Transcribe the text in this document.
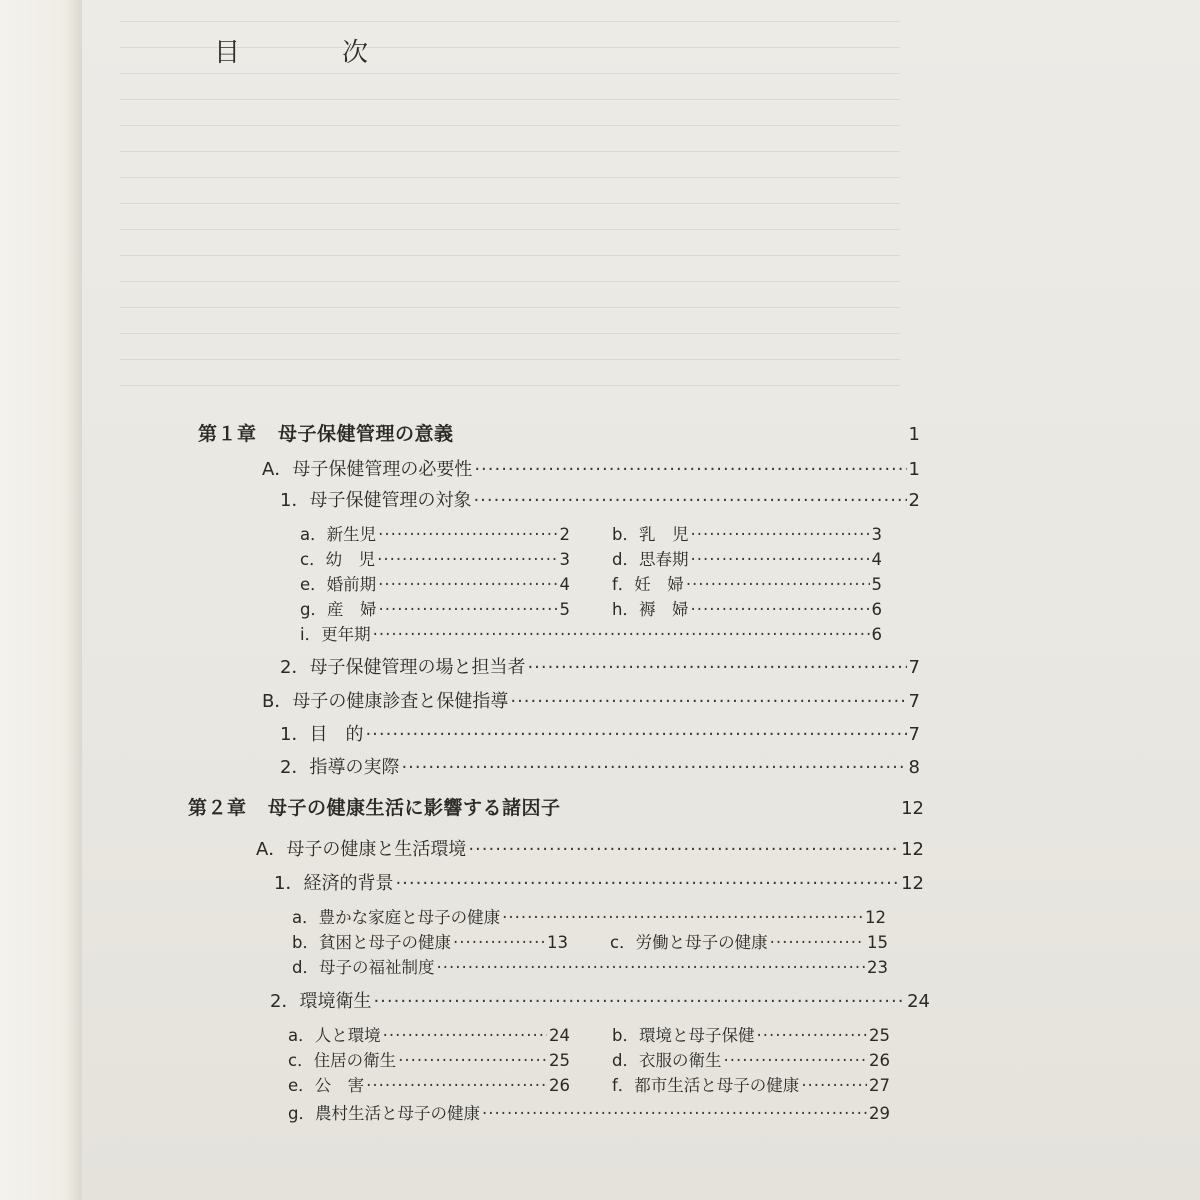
目　次
第１章 母子保健管理の意義	1
A．母子保健管理の必要性 ·····	1
1．母子保健管理の対象 ·····	2
a．新生児 ·····	2	b．乳　児 ·····	3
c．幼　児 ·····	3	d．思春期 ·····	4
e．婚前期 ·····	4	f．妊　婦 ·····	5
g．産　婦 ·····	5	h．褥　婦 ·····	6
i．更年期 ·····	6
2．母子保健管理の場と担当者 ·····	7
B．母子の健康診査と保健指導 ·····	7
1．目　的 ·····	7
2．指導の実際 ·····	8
第２章 母子の健康生活に影響する諸因子	12
A．母子の健康と生活環境 ·····	12
1．経済的背景 ·····	12
a．豊かな家庭と母子の健康 ·····	12
b．貧困と母子の健康 ·····	13	c．労働と母子の健康 ·····	15
d．母子の福祉制度 ·····	23
2．環境衛生 ·····	24
a．人と環境 ·····	24	b．環境と母子保健 ·····	25
c．住居の衛生 ·····	25	d．衣服の衛生 ·····	26
e．公　害 ·····	26	f．都市生活と母子の健康 ·····	27
g．農村生活と母子の健康 ·····	29
